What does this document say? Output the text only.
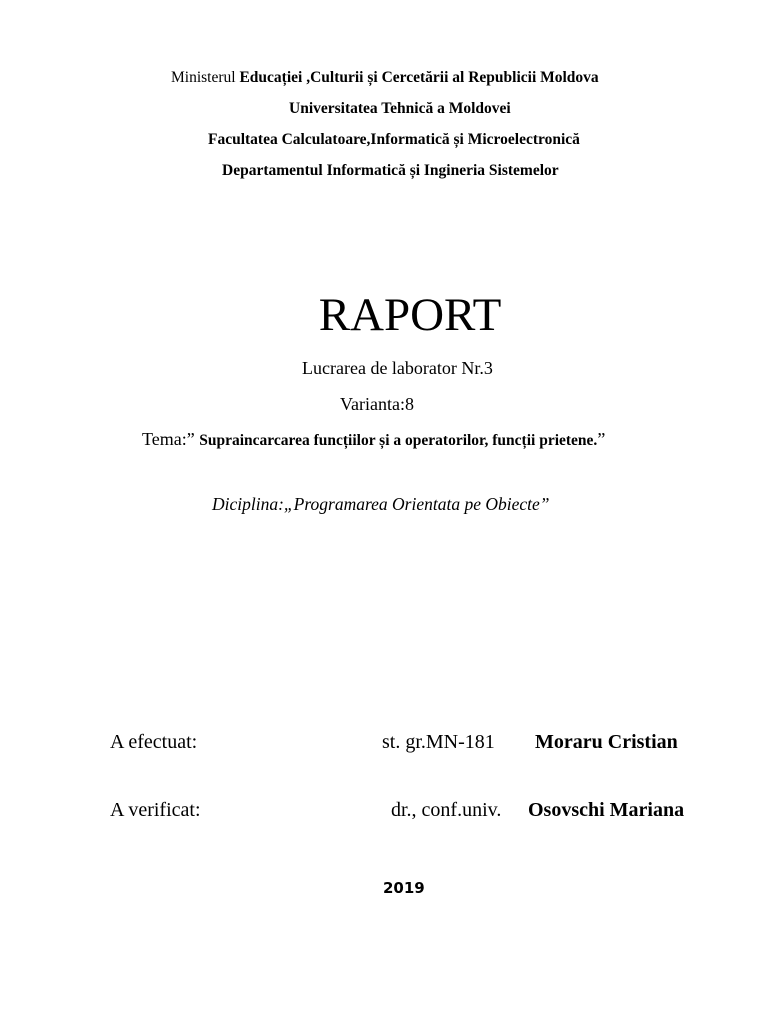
Ministerul Educației ,Culturii și Cercetării al Republicii Moldova
Universitatea Tehnică a Moldovei
Facultatea Calculatoare,Informatică și Microelectronică
Departamentul Informatică și Ingineria Sistemelor
RAPORT
Lucrarea de laborator Nr.3
Varianta:8
Tema:” Supraincarcarea funcțiilor și a operatorilor, funcții prietene.”
Diciplina:„Programarea Orientata pe Obiecte”
A efectuat:	st. gr.MN-181 Moraru Cristian
A verificat:	dr., conf.univ. Osovschi Mariana
2019
